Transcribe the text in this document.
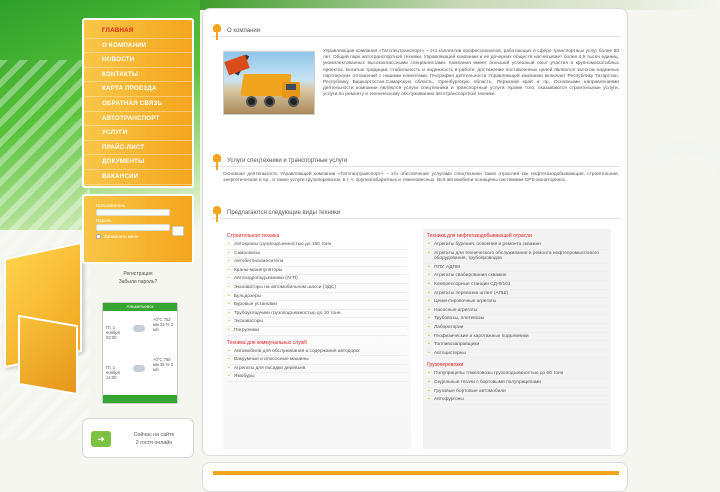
ГЛАВНАЯ
О КОМПАНИИ
НОВОСТИ
КОНТАКТЫ
КАРТА ПРОЕЗДА
ОБРАТНАЯ СВЯЗЬ
АВТОТРАНСПОРТ
УСЛУГИ
ПРАЙС-ЛИСТ
ДОКУМЕНТЫ
ВАКАНСИИ
Пользователь
Пароль
Запомнить меня
Регистрация
Забыли пароль?
Альметьевск
Пт, 1 ноября 02:00
+0°C 752 мм 23 % 3 м/с
Пт, 1 ноября 14:00
+0°C 760 мм 35 % 3 м/с
➜	Сейчас на сайте
2 гостя онлайн
О компании

Управляющая компания «Татспецтранспорт» – это коллектив профессионалов, работающих в сфере транспортных услуг более 50 лет. Общий парк автотранспортной техники, Управляющей компании и ее дочерних обществ насчитывает более 4,5 тысяч единиц, укомплектованных высококлассными специалистами. Компания имеет большой успешный опыт участия в крупномасштабных проектах. Богатые традиции, стабильность и надежность в работе, достижение поставленных целей являются залогом надежных партнерских отношений с нашими клиентами. География деятельности Управляющей компании включает Республику Татарстан, Республику Башкортостан,Самарскую область, Оренбургскую область, Пермский край и пр. Основными направлениями деятельности компании являются услуги спецтехники и транспортные услуги. Кроме того, оказываются строительные услуги, услуги по ремонту и техническому обслуживанию автотранспортной техники.

Услуги спецтехники и транспортные услуги

Основная деятельность Управляющей компании «Татспецтранспорт» – это обеспечение услугами спецтехники таких отраслей как нефтегазодобывающая, строительная, энергетическая и пр., а также услуги грузоперевозок, в т. ч. крупногабаритных и тяжеловесных. Вся автомобили оснащены системами GPS-мониторинга.

Предлагаются следующие виды техники
Строительная техника
• Автокраны грузоподъемностью до 160 тонн
• Самосвалы
• Автобетоносмесители
• Краны-манипуляторы
• Автогидроподъемники (АГП)
• Экскаваторы на автомобильном шасси (ЭДС)
• Бульдозеры
• Буровые установки
• Трубоукладчики грузоподъемностью до 10 тонн
• Экскаваторы
• Погрузчики
Техника для коммунальных служб
• Автомобили для обслуживания и содержания автодорог
• Вакуумные и илососные машины
• Агрегаты для посадки деревьев
• Ямобуры
Техника для нефтегазодобывающей отрасли
• Агрегаты бурения, освоения и ремонта скважин
• Агрегаты для технического обслуживания и ремонта нефтепромыслового оборудования, трубопроводов
• ППУ, АДПМ
• Агрегаты свабирования скважин
• Компрессорные станции СД-9/101
• Агрегаты перевозки штанг (АПШ)
• Цементировочные агрегаты
• Насосные агрегаты
• Трубовозы, плетевозы
• Лаборатории
• Геофизические и каротажные подъемники
• Топливозаправщики
• Автоцистерны
Грузоперевозки
• Полуприцепы тяжеловозы грузоподъемностью до 60 тонн
• Седельные тягачи с бортовыми полуприцепами
• Грузовые бортовые автомобили
• Автофургоны
